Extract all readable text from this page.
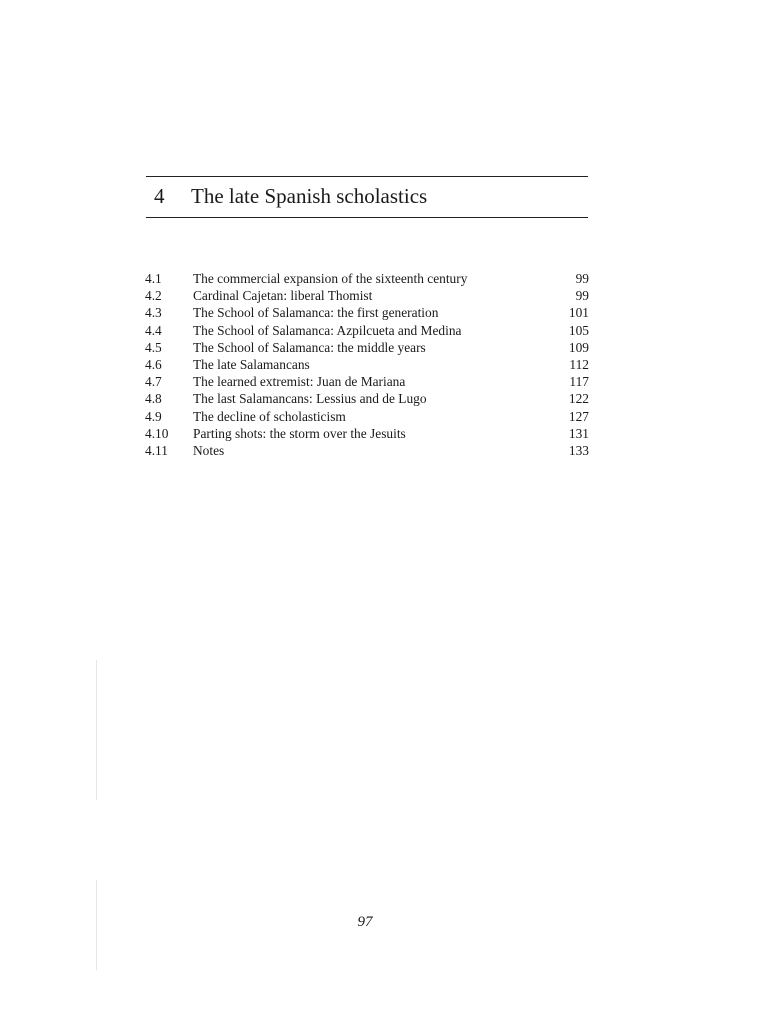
4 The late Spanish scholastics
4.1	The commercial expansion of the sixteenth century	99
4.2	Cardinal Cajetan: liberal Thomist	99
4.3	The School of Salamanca: the first generation	101
4.4	The School of Salamanca: Azpilcueta and Medina	105
4.5	The School of Salamanca: the middle years	109
4.6	The late Salamancans	112
4.7	The learned extremist: Juan de Mariana	117
4.8	The last Salamancans: Lessius and de Lugo	122
4.9	The decline of scholasticism	127
4.10	Parting shots: the storm over the Jesuits	131
4.11	Notes	133
97
